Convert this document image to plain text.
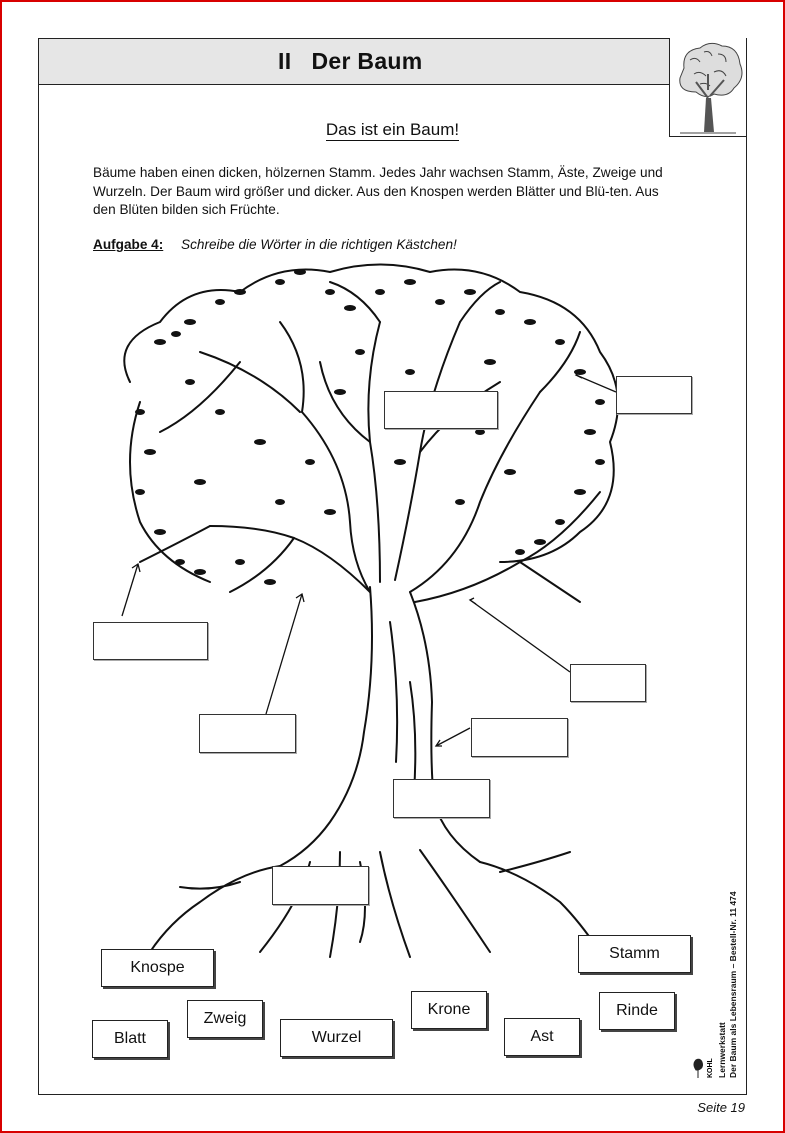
II Der Baum
Das ist ein Baum!
Bäume haben einen dicken, hölzernen Stamm. Jedes Jahr wachsen Stamm, Äste, Zweige und Wurzeln. Der Baum wird größer und dicker. Aus den Knospen werden Blätter und Blü-ten. Aus den Blüten bilden sich Früchte.
Aufgabe 4: Schreibe die Wörter in die richtigen Kästchen!
Knospe
Zweig
Blatt	Wurzel
Krone
Ast
Stamm
Rinde
Lernwerkstatt Der Baum als Lebensraum – Bestell-Nr. 11 474
KOHL
Seite 19
